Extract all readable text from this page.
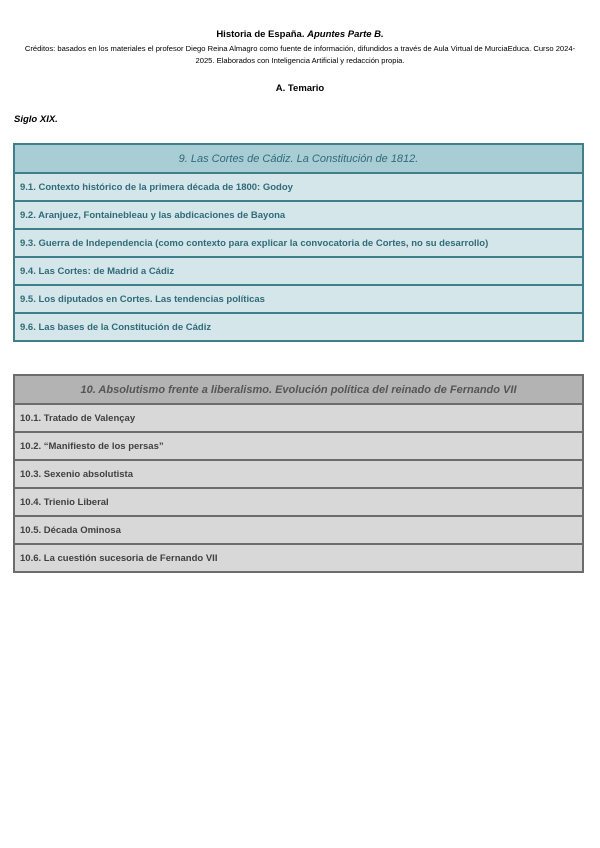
Historia de España. Apuntes Parte B.
Créditos: basados en los materiales el profesor Diego Reina Almagro como fuente de información, difundidos a través de Aula Virtual de MurciaEduca. Curso 2024-2025. Elaborados con Inteligencia Artificial y redacción propia.
A. Temario
Siglo XIX.
9. Las Cortes de Cádiz. La Constitución de 1812.
9.1. Contexto histórico de la primera década de 1800: Godoy
9.2. Aranjuez, Fontainebleau y las abdicaciones de Bayona
9.3. Guerra de Independencia (como contexto para explicar la convocatoria de Cortes, no su desarrollo)
9.4. Las Cortes: de Madrid a Cádiz
9.5. Los diputados en Cortes. Las tendencias políticas
9.6. Las bases de la Constitución de Cádiz
10. Absolutismo frente a liberalismo. Evolución política del reinado de Fernando VII
10.1. Tratado de Valençay
10.2. “Manifiesto de los persas”
10.3. Sexenio absolutista
10.4. Trienio Liberal
10.5. Década Ominosa
10.6. La cuestión sucesoria de Fernando VII
